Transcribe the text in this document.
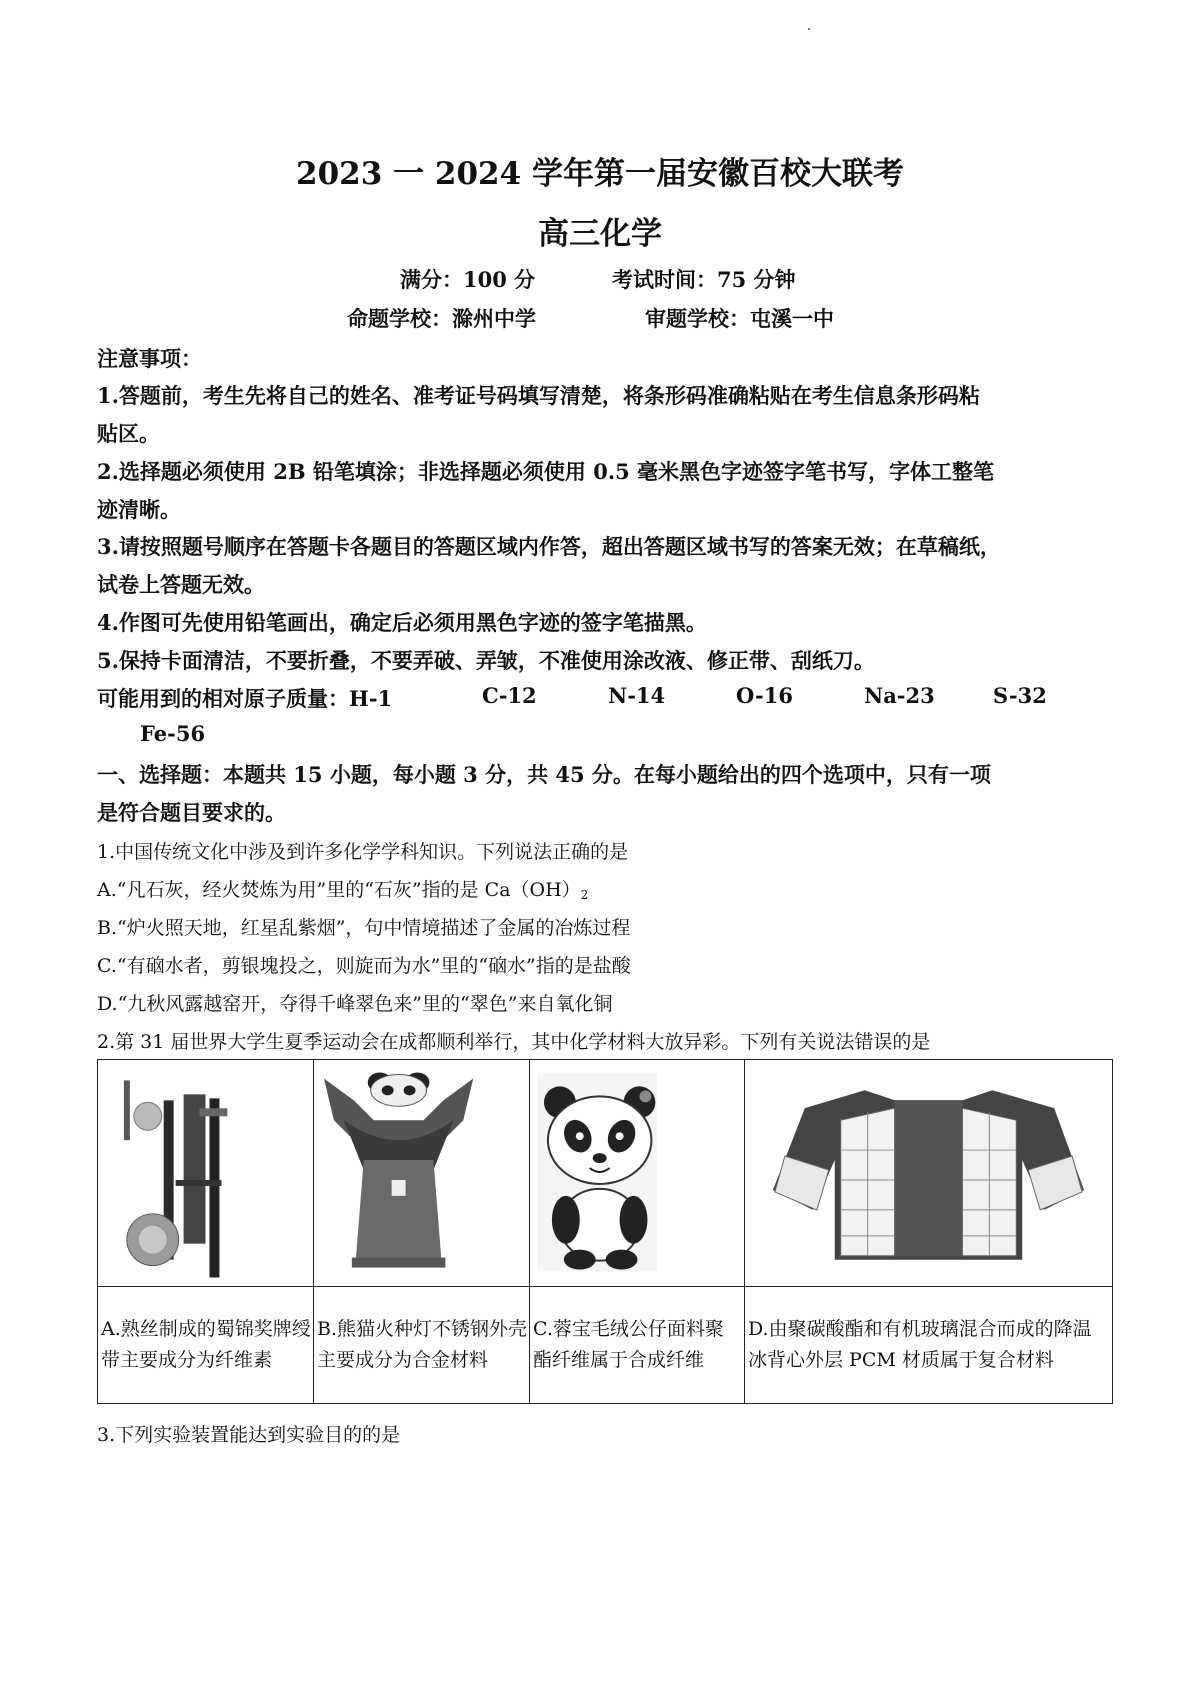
2023 一 2024 学年第一届安徽百校大联考
高三化学
满分：100 分	考试时间：75 分钟
命题学校：滁州中学	审题学校：屯溪一中
注意事项：
1.答题前，考生先将自己的姓名、准考证号码填写清楚，将条形码准确粘贴在考生信息条形码粘
贴区。
2.选择题必须使用 2B 铅笔填涂；非选择题必须使用 0.5 毫米黑色字迹签字笔书写，字体工整笔
迹清晰。
3.请按照题号顺序在答题卡各题目的答题区域内作答，超出答题区域书写的答案无效；在草稿纸，
试卷上答题无效。
4.作图可先使用铅笔画出，确定后必须用黑色字迹的签字笔描黑。
5.保持卡面清洁，不要折叠，不要弄破、弄皱，不准使用涂改液、修正带、刮纸刀。
可能用到的相对原子质量：H-1	C-12	N-14	O-16	Na-23	S-32
Fe-56
一、选择题：本题共 15 小题，每小题 3 分，共 45 分。在每小题给出的四个选项中，只有一项
是符合题目要求的。
1.中国传统文化中涉及到许多化学学科知识。下列说法正确的是
A.“凡石灰，经火焚炼为用”里的“石灰”指的是 $Ca(OH)_2$
B.“炉火照天地，红星乱紫烟”，句中情境描述了金属的冶炼过程
C.“有硇水者，剪银塊投之，则旋而为水”里的“硇水”指的是盐酸
D.“九秋风露越窑开，夺得千峰翠色来”里的“翠色”来自氧化铜
2.第 31 届世界大学生夏季运动会在成都顺利举行，其中化学材料大放异彩。下列有关说法错误的是

A.熟丝制成的蜀锦奖牌绶带主要成分为纤维素	B.熊猫火种灯不锈钢外壳主要成分为合金材料	C.蓉宝毛绒公仔面料聚酯纤维属于合成纤维	D.由聚碳酸酯和有机玻璃混合而成的降温冰背心外层 PCM 材质属于复合材料
3.下列实验装置能达到实验目的的是
